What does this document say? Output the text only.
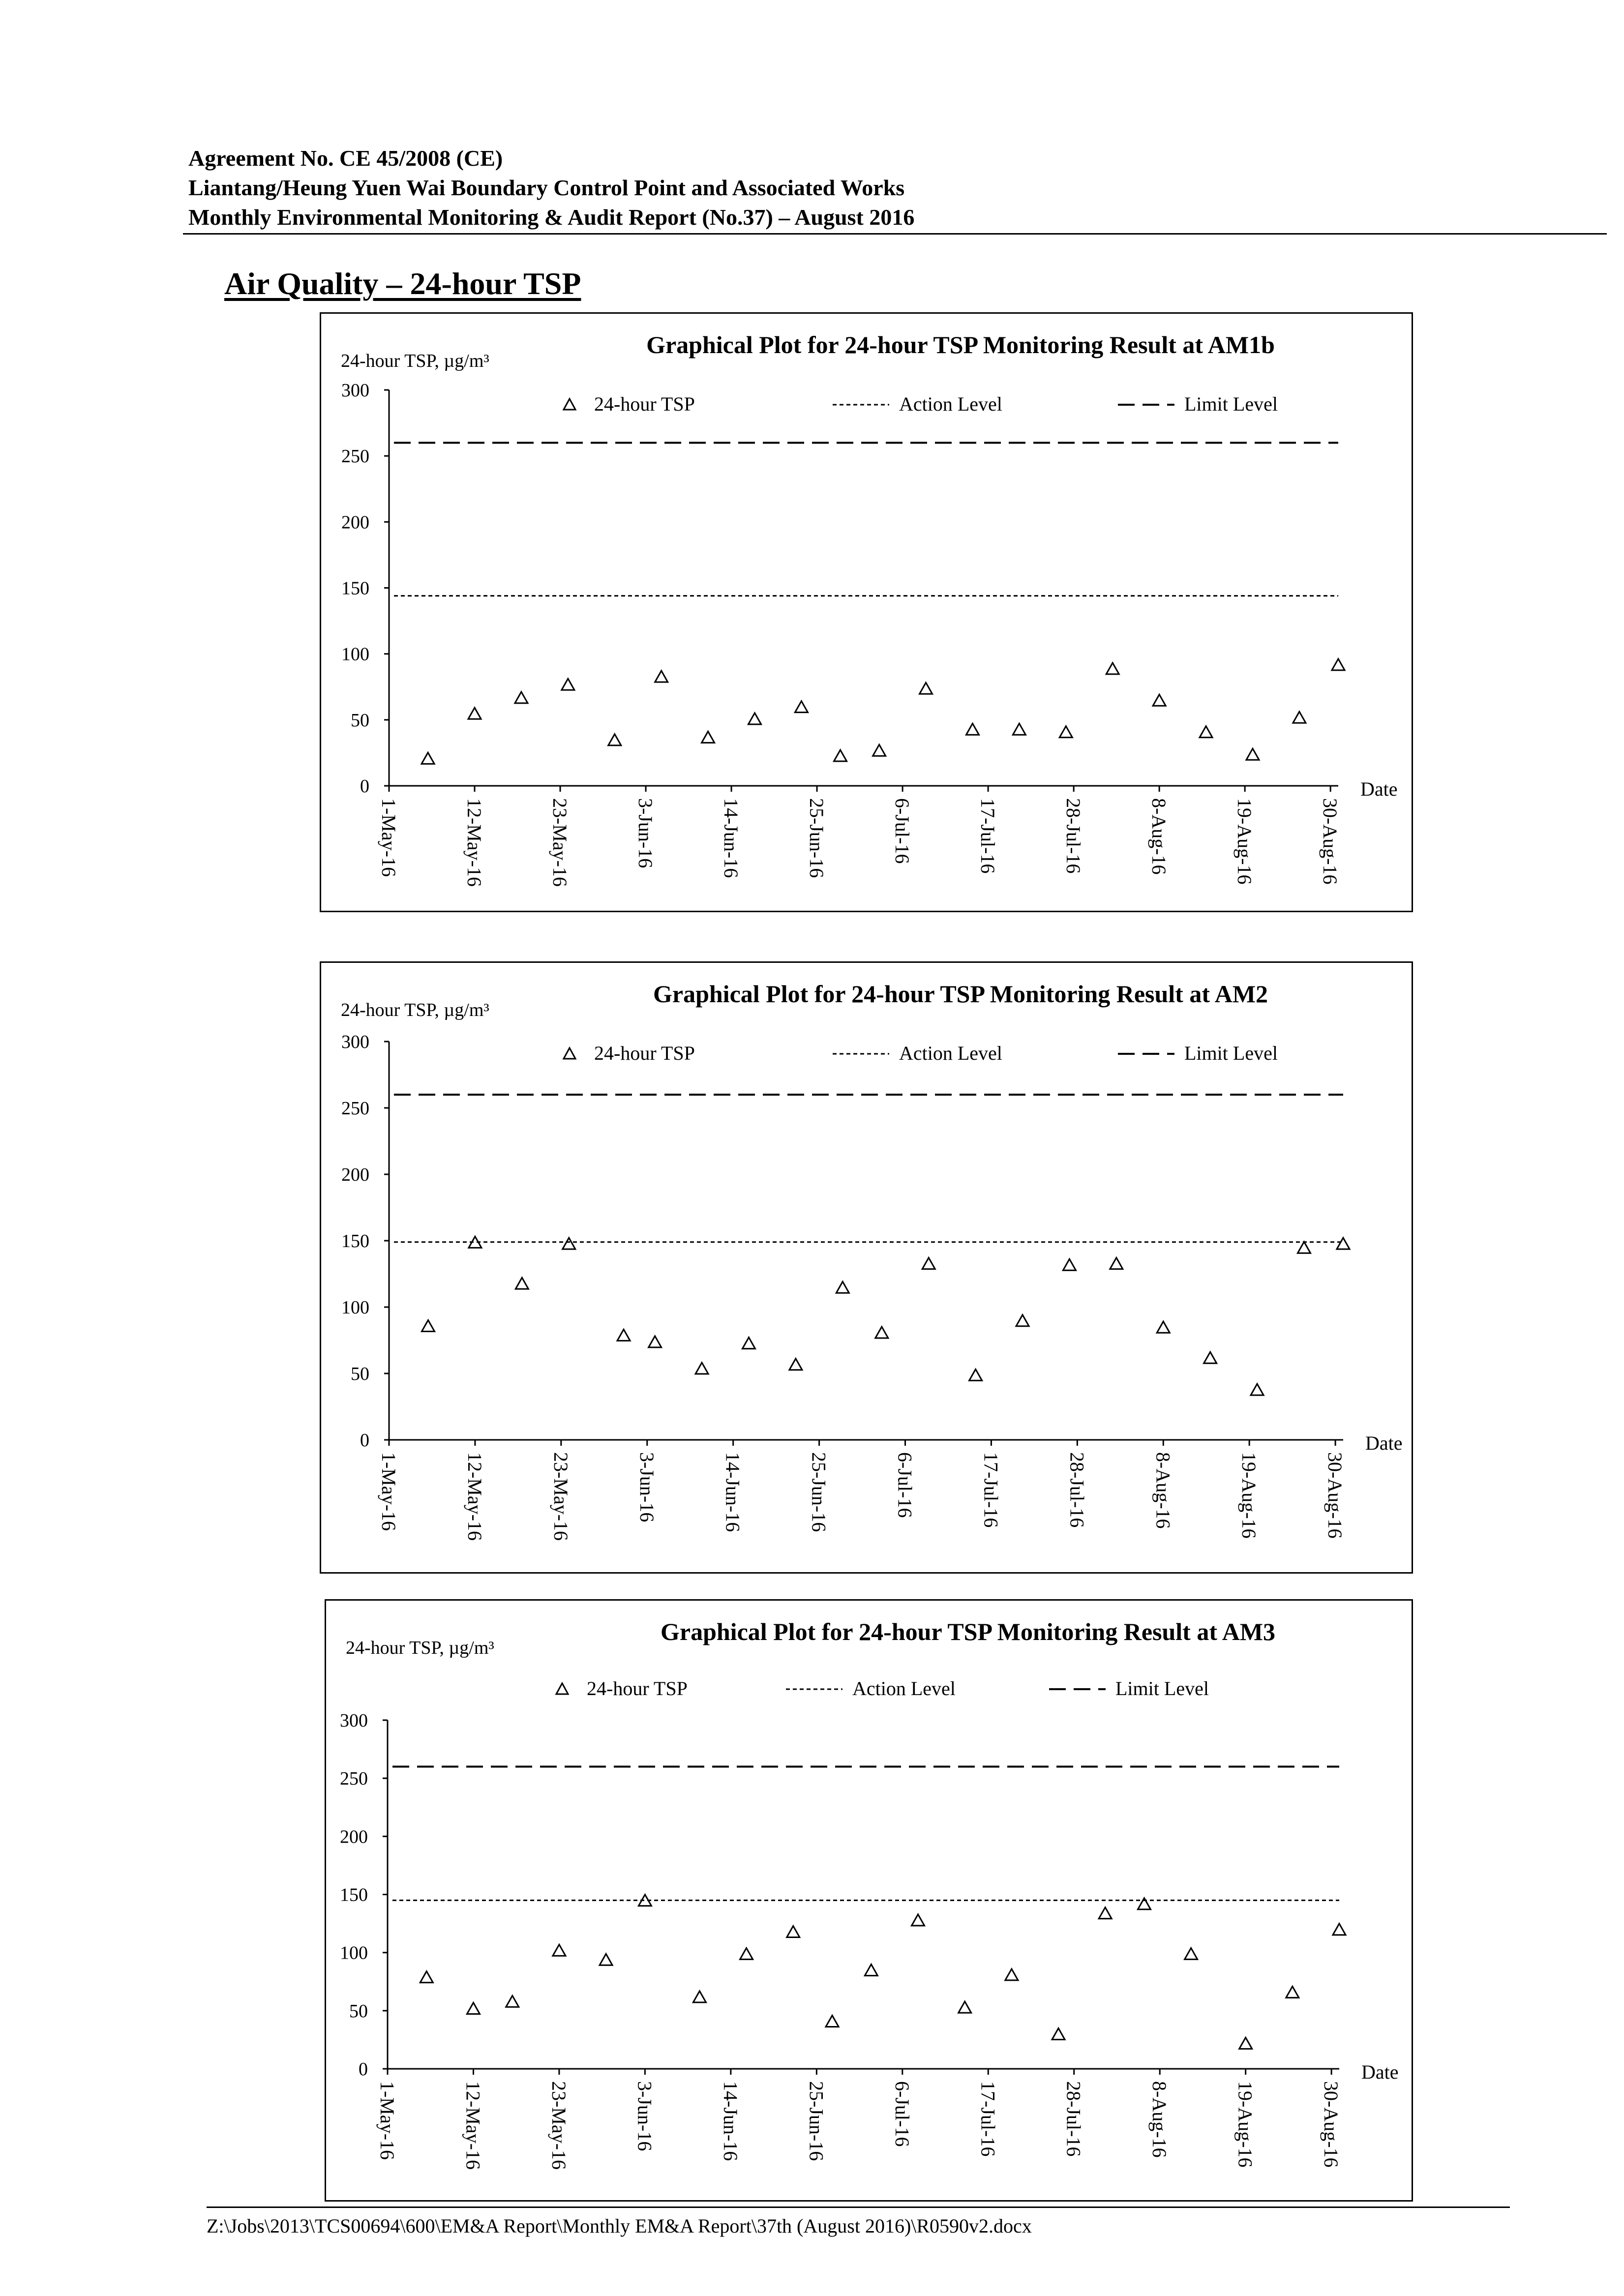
Agreement No. CE 45/2008 (CE)
Liantang/Heung Yuen Wai Boundary Control Point and Associated Works
Monthly Environmental Monitoring & Audit Report (No.37) – August 2016
Air Quality – 24-hour TSP
Graphical Plot for 24-hour TSP Monitoring Result at AM1b
24-hour TSP, µg/m³
24-hour TSP	Action Level	Limit Level
0
50
100
150
200
250
300
1-May-16	12-May-16	23-May-16	3-Jun-16	14-Jun-16	25-Jun-16	6-Jul-16	17-Jul-16	28-Jul-16	8-Aug-16	19-Aug-16	30-Aug-16
Date
Graphical Plot for 24-hour TSP Monitoring Result at AM2
24-hour TSP, µg/m³
24-hour TSP	Action Level	Limit Level
0
50
100
150
200
250
300
1-May-16	12-May-16	23-May-16	3-Jun-16	14-Jun-16	25-Jun-16	6-Jul-16	17-Jul-16	28-Jul-16	8-Aug-16	19-Aug-16	30-Aug-16
Date
Graphical Plot for 24-hour TSP Monitoring Result at AM3
24-hour TSP, µg/m³
24-hour TSP	Action Level	Limit Level
0
50
100
150
200
250
300
1-May-16	12-May-16	23-May-16	3-Jun-16	14-Jun-16	25-Jun-16	6-Jul-16	17-Jul-16	28-Jul-16	8-Aug-16	19-Aug-16	30-Aug-16
Date
Z:\Jobs\2013\TCS00694\600\EM&A Report\Monthly EM&A Report\37th (August 2016)\R0590v2.docx
